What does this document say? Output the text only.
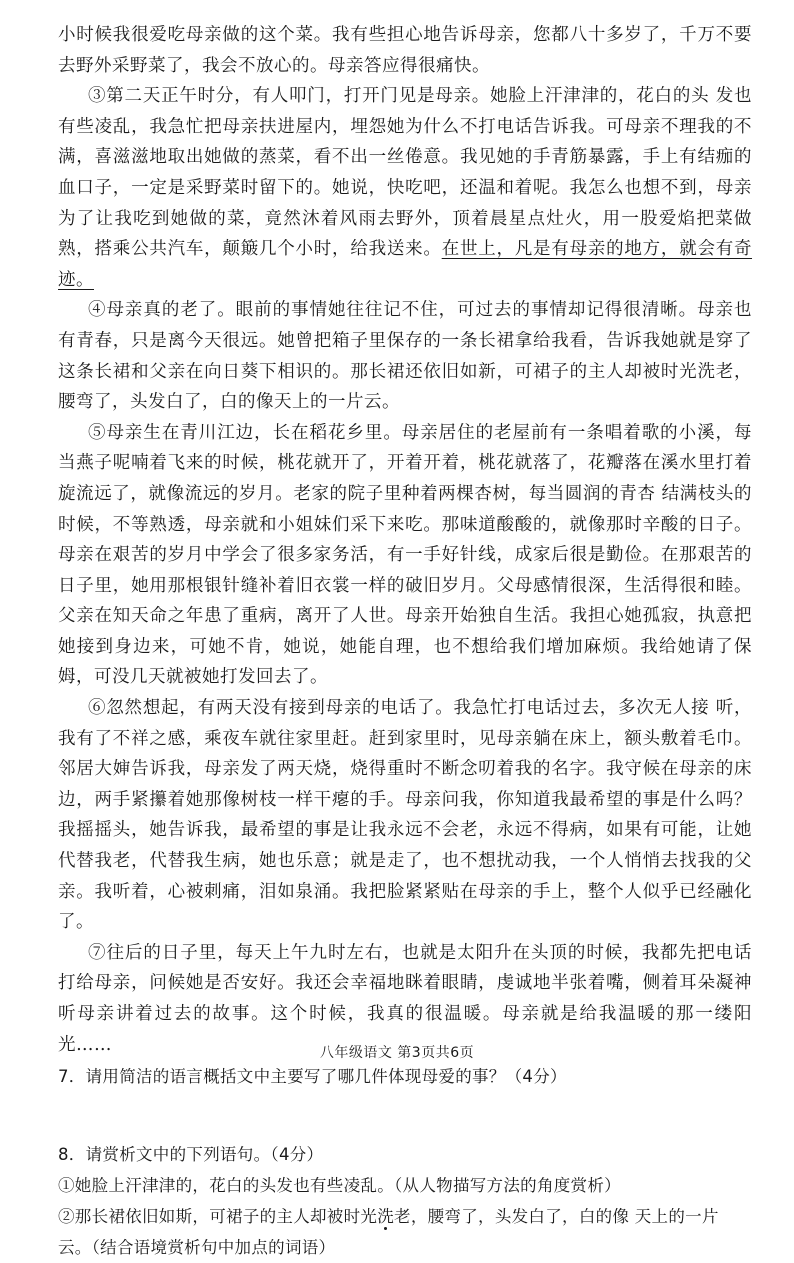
小时候我很爱吃母亲做的这个菜。我有些担心地告诉母亲，您都八十多岁了，千万不要去野外采野菜了，我会不放心的。母亲答应得很痛快。

③第二天正午时分，有人叩门，打开门见是母亲。她脸上汗津津的，花白的头 发也有些凌乱，我急忙把母亲扶进屋内，埋怨她为什么不打电话告诉我。可母亲不理我的不满，喜滋滋地取出她做的蒸菜，看不出一丝倦意。我见她的手青筋暴露，手上有结痂的血口子，一定是采野菜时留下的。她说，快吃吧，还温和着呢。我怎么也想不到，母亲为了让我吃到她做的菜，竟然沐着风雨去野外，顶着晨星点灶火，用一股爱焰把菜做熟，搭乘公共汽车，颠簸几个小时，给我送来。在世上，凡是有母亲的地方，就会有奇迹。

④母亲真的老了。眼前的事情她往往记不住，可过去的事情却记得很清晰。母亲也有青春，只是离今天很远。她曾把箱子里保存的一条长裙拿给我看，告诉我她就是穿了这条长裙和父亲在向日葵下相识的。那长裙还依旧如新，可裙子的主人却被时光洗老，腰弯了，头发白了，白的像天上的一片云。

⑤母亲生在青川江边，长在稻花乡里。母亲居住的老屋前有一条唱着歌的小溪，每当燕子呢喃着飞来的时候，桃花就开了，开着开着，桃花就落了，花瓣落在溪水里打着旋流远了，就像流远的岁月。老家的院子里种着两棵杏树，每当圆润的青杏 结满枝头的时候，不等熟透，母亲就和小姐妹们采下来吃。那味道酸酸的，就像那时辛酸的日子。母亲在艰苦的岁月中学会了很多家务活，有一手好针线，成家后很是勤俭。在那艰苦的日子里，她用那根银针缝补着旧衣裳一样的破旧岁月。父母感情很深，生活得很和睦。父亲在知天命之年患了重病，离开了人世。母亲开始独自生活。我担心她孤寂，执意把她接到身边来，可她不肯，她说，她能自理，也不想给我们增加麻烦。我给她请了保姆，可没几天就被她打发回去了。

⑥忽然想起，有两天没有接到母亲的电话了。我急忙打电话过去，多次无人接 听，我有了不祥之感，乘夜车就往家里赶。赶到家里时，见母亲躺在床上，额头敷着毛巾。邻居大婶告诉我，母亲发了两天烧，烧得重时不断念叨着我的名字。我守候在母亲的床边，两手紧攥着她那像树枝一样干瘪的手。母亲问我，你知道我最希望的事是什么吗？我摇摇头，她告诉我，最希望的事是让我永远不会老，永远不得病，如果有可能，让她代替我老，代替我生病，她也乐意；就是走了，也不想扰动我，一个人悄悄去找我的父亲。我听着，心被刺痛，泪如泉涌。我把脸紧紧贴在母亲的手上，整个人似乎已经融化了。

⑦往后的日子里，每天上午九时左右，也就是太阳升在头顶的时候，我都先把电话打给母亲，问候她是否安好。我还会幸福地眯着眼睛，虔诚地半张着嘴，侧着耳朵凝神听母亲讲着过去的故事。这个时候，我真的很温暖。母亲就是给我温暖的那一缕阳光……

7．请用简洁的语言概括文中主要写了哪几件体现母爱的事？（4分）

8．请赏析文中的下列语句。（4分）

①她脸上汗津津的，花白的头发也有些凌乱。（从人物描写方法的角度赏析）

②那长裙依旧如斯，可裙子的主人却被时光洗老，腰弯了，头发白了，白的像 天上的一片云。（结合语境赏析句中加点的词语）

八年级语文 第3页共6页
